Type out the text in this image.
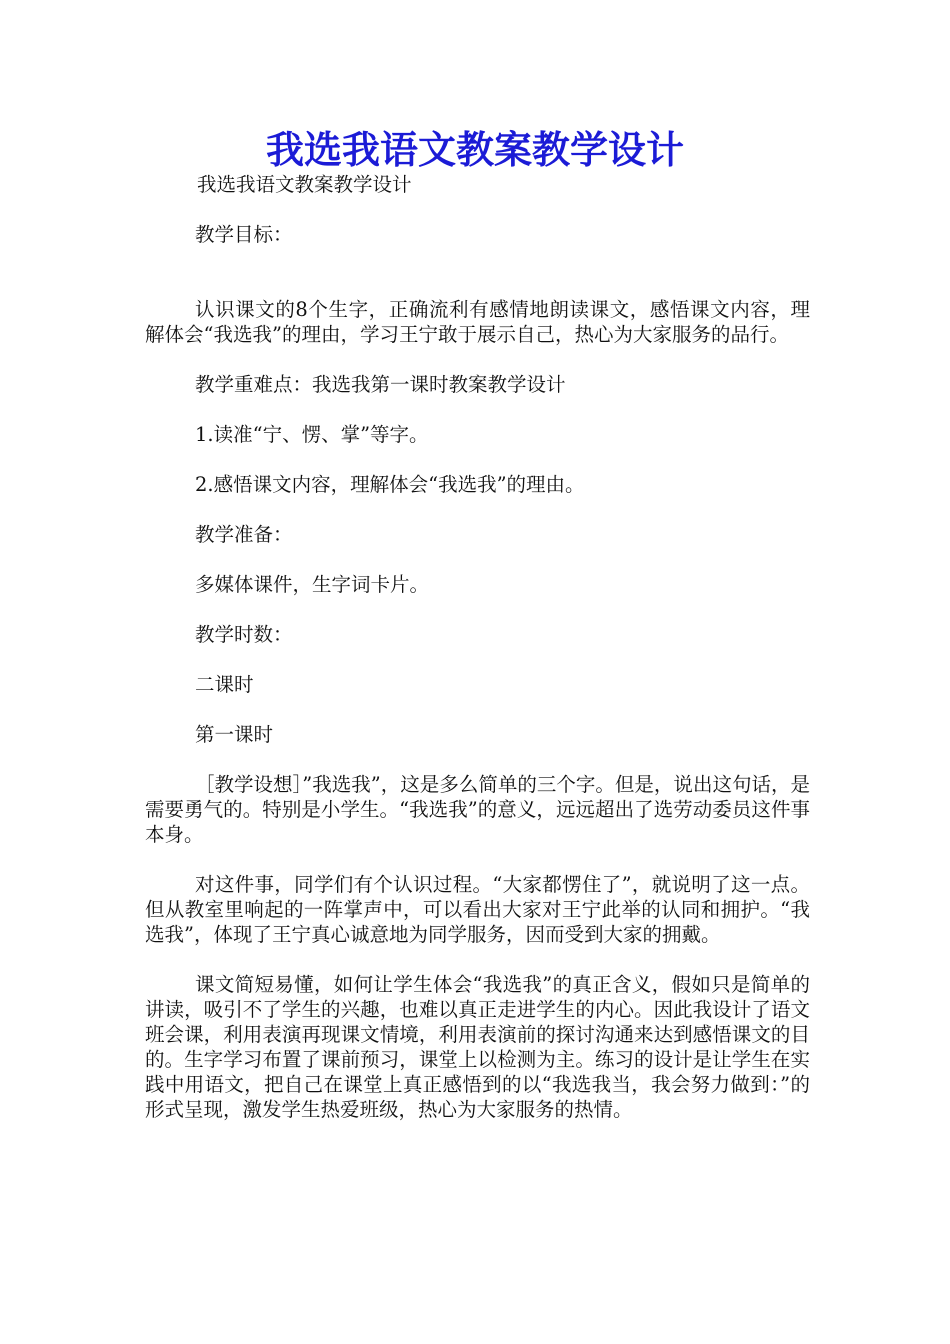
我选我语文教案教学设计

我选我语文教案教学设计

教学目标：

认识课文的8个生字，正确流利有感情地朗读课文，感悟课文内容，理解体会“我选我”的理由，学习王宁敢于展示自己，热心为大家服务的品行。

教学重难点：我选我第一课时教案教学设计

1.读准“宁、愣、掌”等字。

2.感悟课文内容，理解体会“我选我”的理由。

教学准备：

多媒体课件，生字词卡片。

教学时数：

二课时

第一课时

［教学设想］”我选我”，这是多么简单的三个字。但是，说出这句话，是需要勇气的。特别是小学生。“我选我”的意义，远远超出了选劳动委员这件事本身。

对这件事，同学们有个认识过程。“大家都愣住了”，就说明了这一点。但从教室里响起的一阵掌声中，可以看出大家对王宁此举的认同和拥护。“我选我”，体现了王宁真心诚意地为同学服务，因而受到大家的拥戴。

课文简短易懂，如何让学生体会“我选我”的真正含义，假如只是简单的讲读，吸引不了学生的兴趣，也难以真正走进学生的内心。因此我设计了语文班会课，利用表演再现课文情境，利用表演前的探讨沟通来达到感悟课文的目的。生字学习布置了课前预习，课堂上以检测为主。练习的设计是让学生在实践中用语文，把自己在课堂上真正感悟到的以“我选我当，我会努力做到：”的形式呈现，激发学生热爱班级，热心为大家服务的热情。
